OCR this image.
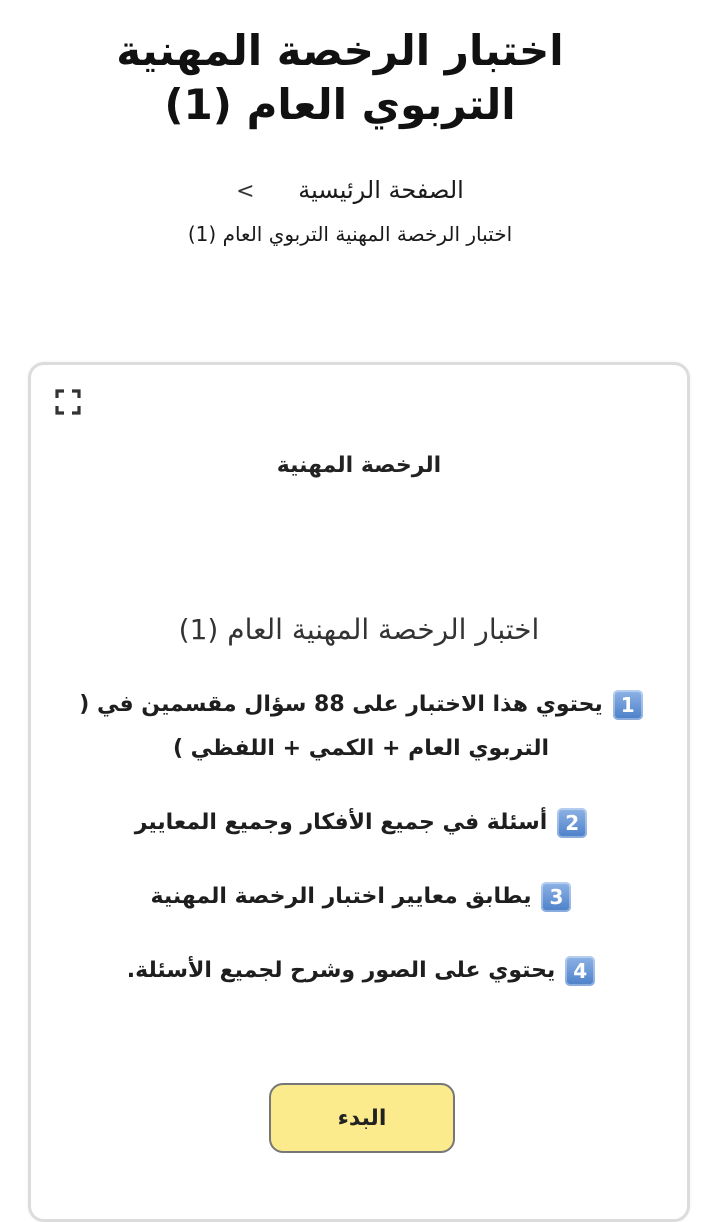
اختبار الرخصة المهنية التربوي العام (1)
الصفحة الرئيسية <
اختبار الرخصة المهنية التربوي العام (1)
الرخصة المهنية
اختبار الرخصة المهنية العام (1)
1يحتوي هذا الاختبار على 88 سؤال مقسمين في ( التربوي العام + الكمي + اللفظي )
2أسئلة في جميع الأفكار وجميع المعايير
3يطابق معايير اختبار الرخصة المهنية
4يحتوي على الصور وشرح لجميع الأسئلة.
البدء
